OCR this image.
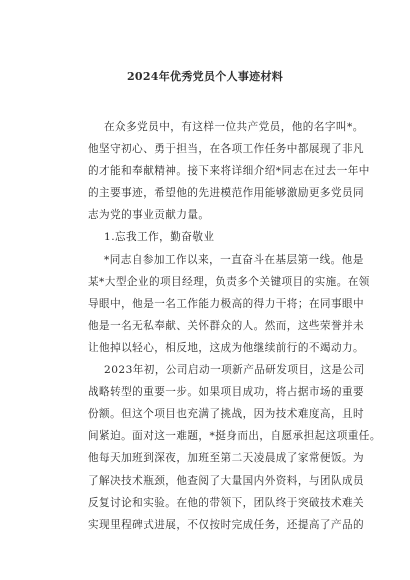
2024年优秀党员个人事迹材料
在众多党员中，有这样一位共产党员，他的名字叫*。
他坚守初心、勇于担当，在各项工作任务中都展现了非凡
的才能和奉献精神。接下来将详细介绍*同志在过去一年中
的主要事迹，希望他的先进模范作用能够激励更多党员同
志为党的事业贡献力量。
1.忘我工作，勤奋敬业
*同志自参加工作以来，一直奋斗在基层第一线。他是
某*大型企业的项目经理，负责多个关键项目的实施。在领
导眼中，他是一名工作能力极高的得力干将；在同事眼中
他是一名无私奉献、关怀群众的人。然而，这些荣誉并未
让他掉以轻心，相反地，这成为他继续前行的不竭动力。
2023年初，公司启动一项新产品研发项目，这是公司
战略转型的重要一步。如果项目成功，将占据市场的重要
份额。但这个项目也充满了挑战，因为技术难度高，且时
间紧迫。面对这一难题，*挺身而出，自愿承担起这项重任。
他每天加班到深夜，加班至第二天凌晨成了家常便饭。为
了解决技术瓶颈，他查阅了大量国内外资料，与团队成员
反复讨论和实验。在他的带领下，团队终于突破技术难关
实现里程碑式进展，不仅按时完成任务，还提高了产品的
